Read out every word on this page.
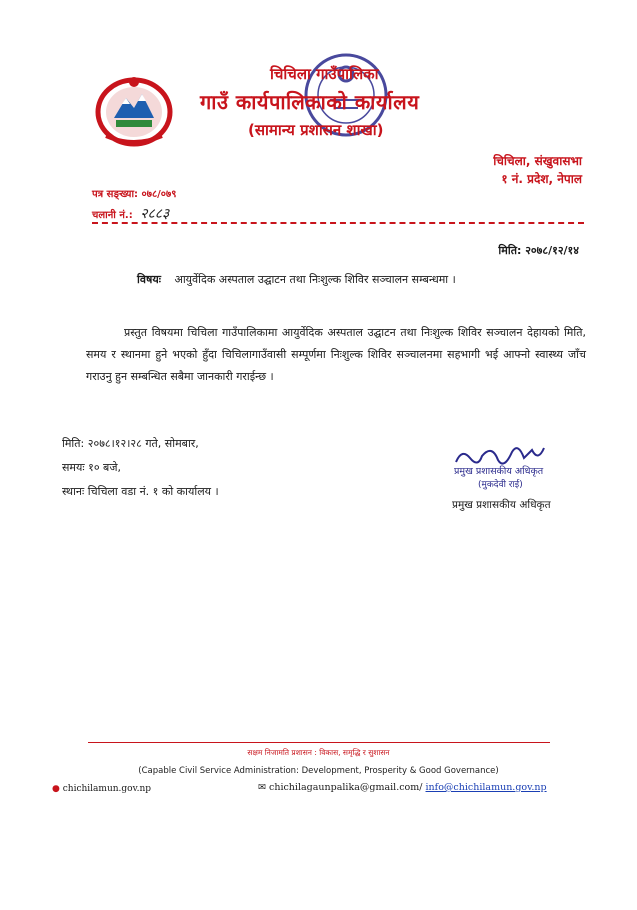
चिचिला गाउँपालिका
गाउँ कार्यपालिकाको कार्यालय
(सामान्य प्रशासन शाखा)
चिचिला, संखुवासभा
१ नं. प्रदेश, नेपाल
पत्र सङ्ख्या: ०७८/०७९
चलानी नं.: २८८३
मिति: २०७८/१२/१४
विषयः आयुर्वेदिक अस्पताल उद्घाटन तथा निःशुल्क शिविर सञ्चालन सम्बन्धमा ।
प्रस्तुत विषयमा चिचिला गाउँपालिकामा आयुर्वेदिक अस्पताल उद्घाटन तथा निःशुल्क शिविर सञ्चालन देहायको मिति, समय र स्थानमा हुने भएको हुँदा चिचिलागाउँवासी सम्पूर्णमा निःशुल्क शिविर सञ्चालनमा सहभागी भई आफ्नो स्वास्थ्य जाँच गराउनु हुन सम्बन्धित सबैमा जानकारी गराईन्छ ।
मिति: २०७८।१२।२८ गते, सोमबार,
समयः १० बजे,
स्थानः चिचिला वडा नं. १ को कार्यालय ।
प्रमुख प्रशासकीय अधिकृत
(मुकदेवी राई)
प्रमुख प्रशासकीय अधिकृत
सक्षम निजामति प्रशासन : विकास, समृद्धि र सुशासन
(Capable Civil Service Administration: Development, Prosperity & Good Governance)
● chichilamun.gov.np	✉ chichilagaunpalika@gmail.com/ info@chichilamun.gov.np
